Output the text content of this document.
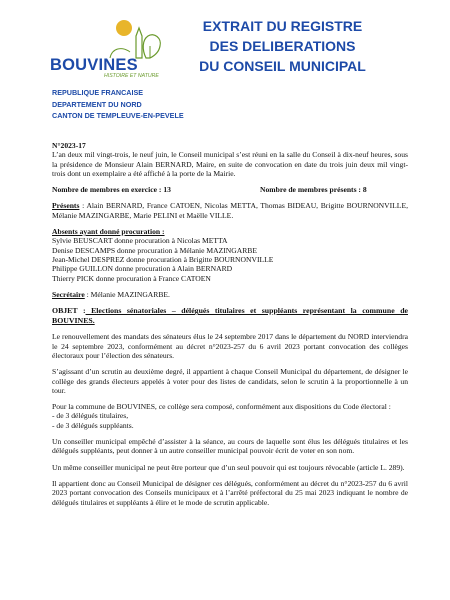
BOUVINES
HISTOIRE ET NATURE
EXTRAIT DU REGISTRE
DES DELIBERATIONS
DU CONSEIL MUNICIPAL
REPUBLIQUE FRANCAISE
DEPARTEMENT DU NORD
CANTON DE TEMPLEUVE-EN-PEVELE

N°2023-17

L’an deux mil vingt-trois, le neuf juin, le Conseil municipal s’est réuni en la salle du Conseil à dix-neuf heures, sous la présidence de Monsieur Alain BERNARD, Maire, en suite de convocation en date du trois juin deux mil vingt-trois dont un exemplaire a été affiché à la porte de la Mairie.

Nombre de membres en exercice : 13	Nombre de membres présents : 8

Présents : Alain BERNARD, France CATOEN, Nicolas METTA, Thomas BIDEAU, Brigitte BOURNONVILLE, Mélanie MAZINGARBE, Marie PELINI et Maëlle VILLE.

Absents ayant donné procuration :

Sylvie BEUSCART donne procuration à Nicolas METTA

Denise DESCAMPS donne procuration à Mélanie MAZINGARBE

Jean-Michel DESPREZ donne procuration à Brigitte BOURNONVILLE

Philippe GUILLON donne procuration à Alain BERNARD

Thierry PICK donne procuration à France CATOEN

Secrétaire : Mélanie MAZINGARBE.

OBJET : Elections sénatoriales – délégués titulaires et suppléants représentant la commune de BOUVINES.

Le renouvellement des mandats des sénateurs élus le 24 septembre 2017 dans le département du NORD interviendra le 24 septembre 2023, conformément au décret n°2023-257 du 6 avril 2023 portant convocation des collèges électoraux pour l’élection des sénateurs.

S’agissant d’un scrutin au deuxième degré, il appartient à chaque Conseil Municipal du département, de désigner le collège des grands électeurs appelés à voter pour des listes de candidats, selon le scrutin à la proportionnelle à un tour.

Pour la commune de BOUVINES, ce collège sera composé, conformément aux dispositions du Code électoral :

- de 3 délégués titulaires,

- de 3 délégués suppléants.

Un conseiller municipal empêché d’assister à la séance, au cours de laquelle sont élus les délégués titulaires et les délégués suppléants, peut donner à un autre conseiller municipal pouvoir écrit de voter en son nom.

Un même conseiller municipal ne peut être porteur que d’un seul pouvoir qui est toujours révocable (article L. 289).

Il appartient donc au Conseil Municipal de désigner ces délégués, conformément au décret du n°2023-257 du 6 avril 2023 portant convocation des Conseils municipaux et à l’arrêté préfectoral du 25 mai 2023 indiquant le nombre de délégués titulaires et suppléants à élire et le mode de scrutin applicable.
